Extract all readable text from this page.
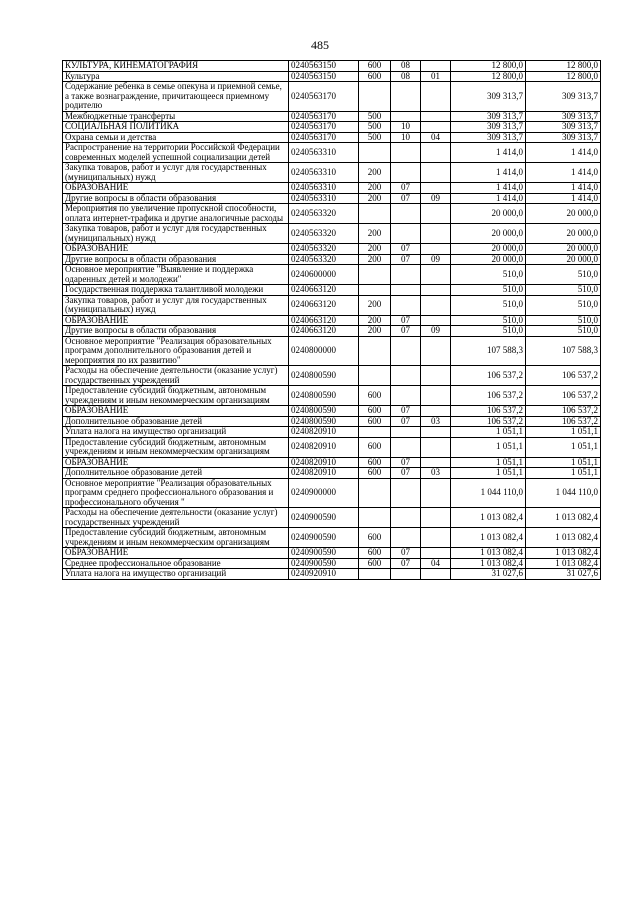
485
КУЛЬТУРА, КИНЕМАТОГРАФИЯ	0240563150	600	08		12 800,0	12 800,0
Культура	0240563150	600	08	01	12 800,0	12 800,0
Содержание ребенка в семье опекуна и приемной семье, а также вознаграждение, причитающееся приемному родителю	0240563170				309 313,7	309 313,7
Межбюджетные трансферты	0240563170	500			309 313,7	309 313,7
СОЦИАЛЬНАЯ ПОЛИТИКА	0240563170	500	10		309 313,7	309 313,7
Охрана семьи и детства	0240563170	500	10	04	309 313,7	309 313,7
Распространение на территории Российской Федерации современных моделей успешной социализации детей	0240563310				1 414,0	1 414,0
Закупка товаров, работ и услуг для государственных (муниципальных) нужд	0240563310	200			1 414,0	1 414,0
ОБРАЗОВАНИЕ	0240563310	200	07		1 414,0	1 414,0
Другие вопросы в области образования	0240563310	200	07	09	1 414,0	1 414,0
Мероприятия по увеличение пропускной способности, оплата интернет-трафика и другие аналогичные расходы	0240563320				20 000,0	20 000,0
Закупка товаров, работ и услуг для государственных (муниципальных) нужд	0240563320	200			20 000,0	20 000,0
ОБРАЗОВАНИЕ	0240563320	200	07		20 000,0	20 000,0
Другие вопросы в области образования	0240563320	200	07	09	20 000,0	20 000,0
Основное мероприятие "Выявление и поддержка одаренных детей и молодежи"	0240600000				510,0	510,0
Государственная поддержка талантливой молодежи	0240663120				510,0	510,0
Закупка товаров, работ и услуг для государственных (муниципальных) нужд	0240663120	200			510,0	510,0
ОБРАЗОВАНИЕ	0240663120	200	07		510,0	510,0
Другие вопросы в области образования	0240663120	200	07	09	510,0	510,0
Основное мероприятие "Реализация образовательных программ дополнительного образования детей и мероприятия по их развитию"	0240800000				107 588,3	107 588,3
Расходы на обеспечение деятельности (оказание услуг) государственных учреждений	0240800590				106 537,2	106 537,2
Предоставление субсидий бюджетным, автономным учреждениям и иным некоммерческим организациям	0240800590	600			106 537,2	106 537,2
ОБРАЗОВАНИЕ	0240800590	600	07		106 537,2	106 537,2
Дополнительное образование детей	0240800590	600	07	03	106 537,2	106 537,2
Уплата налога на имущество организаций	0240820910				1 051,1	1 051,1
Предоставление субсидий бюджетным, автономным учреждениям и иным некоммерческим организациям	0240820910	600			1 051,1	1 051,1
ОБРАЗОВАНИЕ	0240820910	600	07		1 051,1	1 051,1
Дополнительное образование детей	0240820910	600	07	03	1 051,1	1 051,1
Основное мероприятие "Реализация образовательных программ среднего профессионального образования и профессионального обучения "	0240900000				1 044 110,0	1 044 110,0
Расходы на обеспечение деятельности (оказание услуг) государственных учреждений	0240900590				1 013 082,4	1 013 082,4
Предоставление субсидий бюджетным, автономным учреждениям и иным некоммерческим организациям	0240900590	600			1 013 082,4	1 013 082,4
ОБРАЗОВАНИЕ	0240900590	600	07		1 013 082,4	1 013 082,4
Среднее профессиональное образование	0240900590	600	07	04	1 013 082,4	1 013 082,4
Уплата налога на имущество организаций	0240920910				31 027,6	31 027,6
